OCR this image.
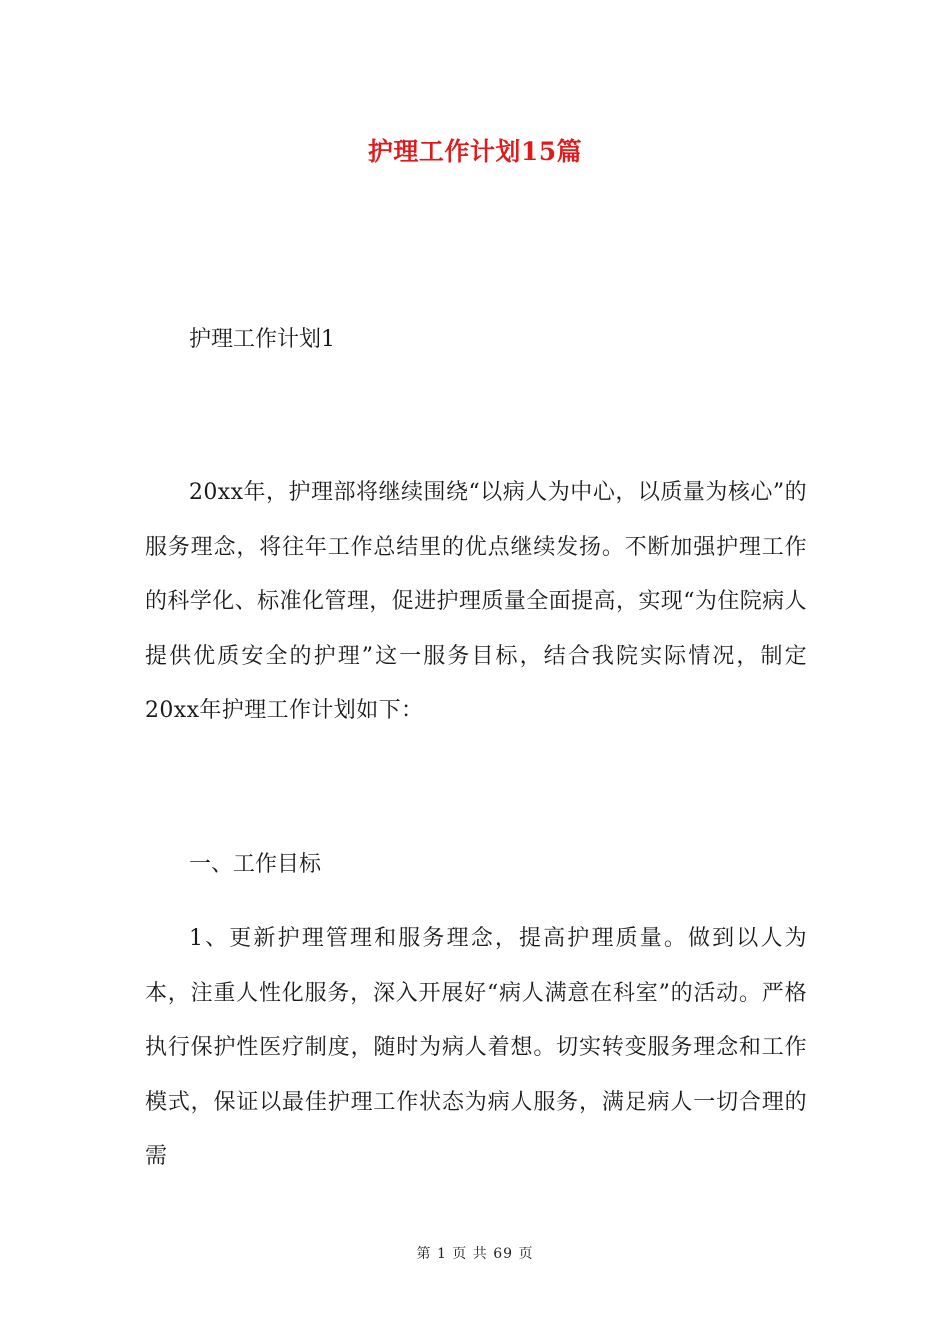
护理工作计划15篇
护理工作计划1
20xx年，护理部将继续围绕“以病人为中心，以质量为核心”的服务理念，将往年工作总结里的优点继续发扬。不断加强护理工作的科学化、标准化管理，促进护理质量全面提高，实现“为住院病人提供优质安全的护理”这一服务目标，结合我院实际情况，制定20xx年护理工作计划如下：
一、工作目标
1、更新护理管理和服务理念，提高护理质量。做到以人为本，注重人性化服务，深入开展好“病人满意在科室”的活动。严格执行保护性医疗制度，随时为病人着想。切实转变服务理念和工作模式，保证以最佳护理工作状态为病人服务，满足病人一切合理的需
第 1 页 共 69 页
